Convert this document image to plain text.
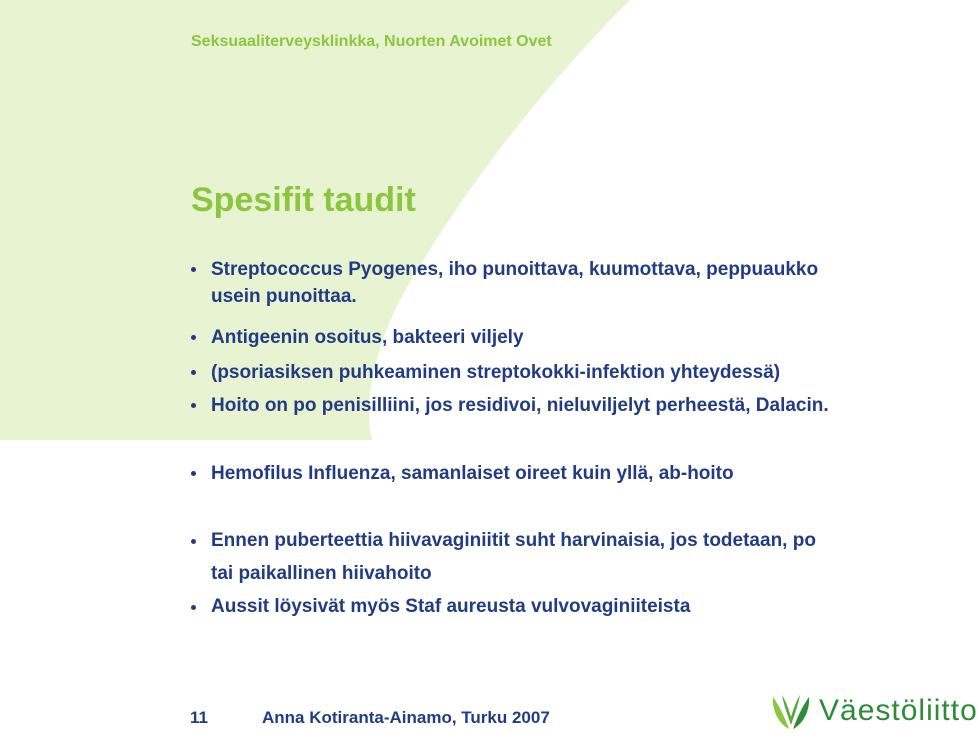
Seksuaaliterveysklinkka, Nuorten Avoimet Ovet
Spesifit taudit
Streptococcus Pyogenes, iho punoittava, kuumottava, peppuaukko
usein punoittaa.
Antigeenin osoitus, bakteeri viljely
(psoriasiksen puhkeaminen streptokokki-infektion yhteydessä)
Hoito on po penisilliini, jos residivoi, nieluviljelyt perheestä, Dalacin.
Hemofilus Influenza, samanlaiset oireet kuin yllä, ab-hoito
Ennen puberteettia hiivavaginiitit suht harvinaisia, jos todetaan, po
tai paikallinen hiivahoito
Aussit löysivät myös Staf aureusta vulvovaginiiteista
11	Anna Kotiranta-Ainamo, Turku 2007	Väestöliitto
